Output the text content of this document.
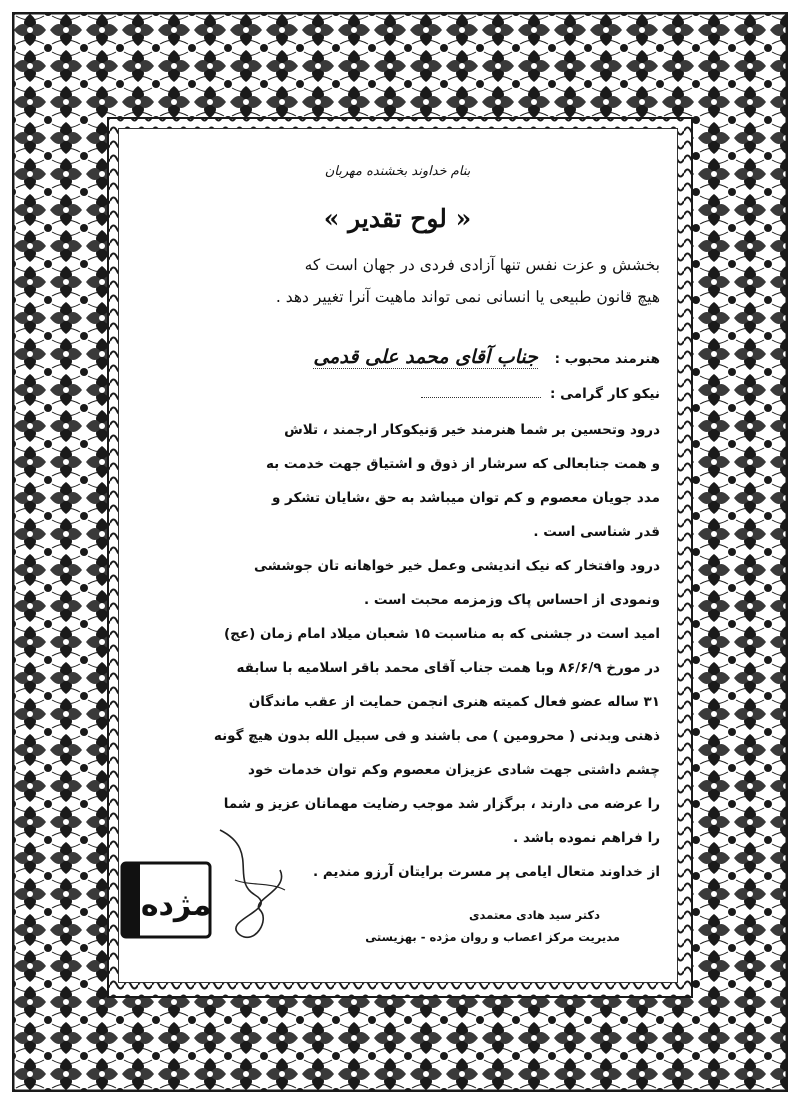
بنام خداوند بخشنده مهربان
« لوح تقدیر »
بخشش و عزت نفس تنها آزادی فردی در جهان است که
هیچ قانون طبیعی یا انسانی نمی تواند ماهیت آنرا تغییر دهد .
هنرمند محبوب : جناب آقای محمد علی قدمی
نیکو کار گرامی :
درود وتحسین بر شما هنرمند خیر وَنیکوکار ارجمند ، تلاش
و همت جنابعالی که سرشار از ذوق و اشتیاق جهت خدمت به
مدد جویان معصوم و کم توان میباشد به حق ،شایان تشکر و
قدر شناسی است .
درود وافتخار که نیک اندیشی وعمل خیر خواهانه تان جوششی
ونمودی از احساس پاک وزمزمه محبت است .
امید است در جشنی که به مناسبت ۱۵ شعبان میلاد امام زمان (عج)
در مورخ ۸۶/۶/۹ وبا همت جناب آقای محمد باقر اسلامیه با سابقه
۳۱ ساله عضو فعال کمیته هنری انجمن حمایت از عقب ماندگان
ذهنی وبدنی ( محرومین ) می باشند و فی سبیل الله بدون هیچ گونه
چشم داشتی جهت شادی عزیزان معصوم وکم توان خدمات خود
را عرضه می دارند ، برگزار شد موجب رضایت مهمانان عزیز و شما
را فراهم نموده باشد .
از خداوند متعال ایامی پر مسرت برایتان آرزو مندیم .
دکتر سید هادی معتمدی
مدیریت مرکز اعصاب و روان مژده - بهزیستی
مژده
